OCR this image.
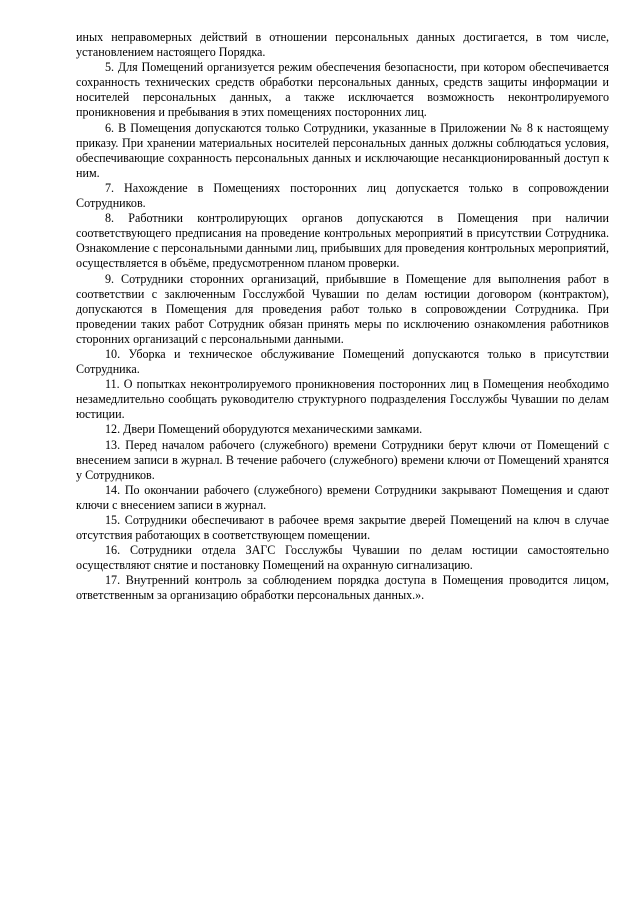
иных неправомерных действий в отношении персональных данных достигается, в том числе, установлением настоящего Порядка.

5. Для Помещений организуется режим обеспечения безопасности, при котором обеспечивается сохранность технических средств обработки персональных данных, средств защиты информации и носителей персональных данных, а также исключается возможность неконтролируемого проникновения и пребывания в этих помещениях посторонних лиц.

6. В Помещения допускаются только Сотрудники, указанные в Приложении № 8 к настоящему приказу. При хранении материальных носителей персональных данных должны соблюдаться условия, обеспечивающие сохранность персональных данных и исключающие несанкционированный доступ к ним.

7. Нахождение в Помещениях посторонних лиц допускается только в сопровождении Сотрудников.

8. Работники контролирующих органов допускаются в Помещения при наличии соответствующего предписания на проведение контрольных мероприятий в присутствии Сотрудника. Ознакомление с персональными данными лиц, прибывших для проведения контрольных мероприятий, осуществляется в объёме, предусмотренном планом проверки.

9. Сотрудники сторонних организаций, прибывшие в Помещение для выполнения работ в соответствии с заключенным Госслужбой Чувашии по делам юстиции договором (контрактом), допускаются в Помещения для проведения работ только в сопровождении Сотрудника. При проведении таких работ Сотрудник обязан принять меры по исключению ознакомления работников сторонних организаций с персональными данными.

10. Уборка и техническое обслуживание Помещений допускаются только в присутствии Сотрудника.

11. О попытках неконтролируемого проникновения посторонних лиц в Помещения необходимо незамедлительно сообщать руководителю структурного подразделения Госслужбы Чувашии по делам юстиции.

12. Двери Помещений оборудуются механическими замками.

13. Перед началом рабочего (служебного) времени Сотрудники берут ключи от Помещений с внесением записи в журнал. В течение рабочего (служебного) времени ключи от Помещений хранятся у Сотрудников.

14. По окончании рабочего (служебного) времени Сотрудники закрывают Помещения и сдают ключи с внесением записи в журнал.

15. Сотрудники обеспечивают в рабочее время закрытие дверей Помещений на ключ в случае отсутствия работающих в соответствующем помещении.

16. Сотрудники отдела ЗАГС Госслужбы Чувашии по делам юстиции самостоятельно осуществляют снятие и постановку Помещений на охранную сигнализацию.

17. Внутренний контроль за соблюдением порядка доступа в Помещения проводится лицом, ответственным за организацию обработки персональных данных.».
